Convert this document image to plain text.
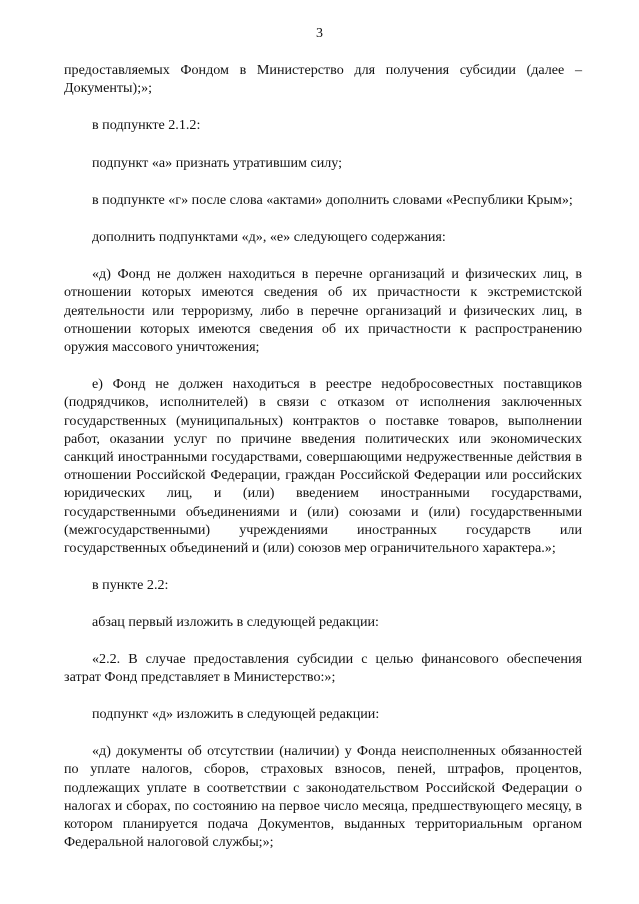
3

предоставляемых Фондом в Министерство для получения субсидии (далее – Документы);»;

в подпункте 2.1.2:

подпункт «а» признать утратившим силу;

в подпункте «г» после слова «актами» дополнить словами «Республики Крым»;

дополнить подпунктами «д», «е» следующего содержания:

«д) Фонд не должен находиться в перечне организаций и физических лиц, в отношении которых имеются сведения об их причастности к экстремистской деятельности или терроризму, либо в перечне организаций и физических лиц, в отношении которых имеются сведения об их причастности к распространению оружия массового уничтожения;

е) Фонд не должен находиться в реестре недобросовестных поставщиков (подрядчиков, исполнителей) в связи с отказом от исполнения заключенных государственных (муниципальных) контрактов о поставке товаров, выполнении работ, оказании услуг по причине введения политических или экономических санкций иностранными государствами, совершающими недружественные действия в отношении Российской Федерации, граждан Российской Федерации или российских юридических лиц, и (или) введением иностранными государствами, государственными объединениями и (или) союзами и (или) государственными (межгосударственными) учреждениями иностранных государств или государственных объединений и (или) союзов мер ограничительного характера.»;

в пункте 2.2:

абзац первый изложить в следующей редакции:

«2.2. В случае предоставления субсидии с целью финансового обеспечения затрат Фонд представляет в Министерство:»;

подпункт «д» изложить в следующей редакции:

«д) документы об отсутствии (наличии) у Фонда неисполненных обязанностей по уплате налогов, сборов, страховых взносов, пеней, штрафов, процентов, подлежащих уплате в соответствии с законодательством Российской Федерации о налогах и сборах, по состоянию на первое число месяца, предшествующего месяцу, в котором планируется подача Документов, выданных территориальным органом Федеральной налоговой службы;»;
